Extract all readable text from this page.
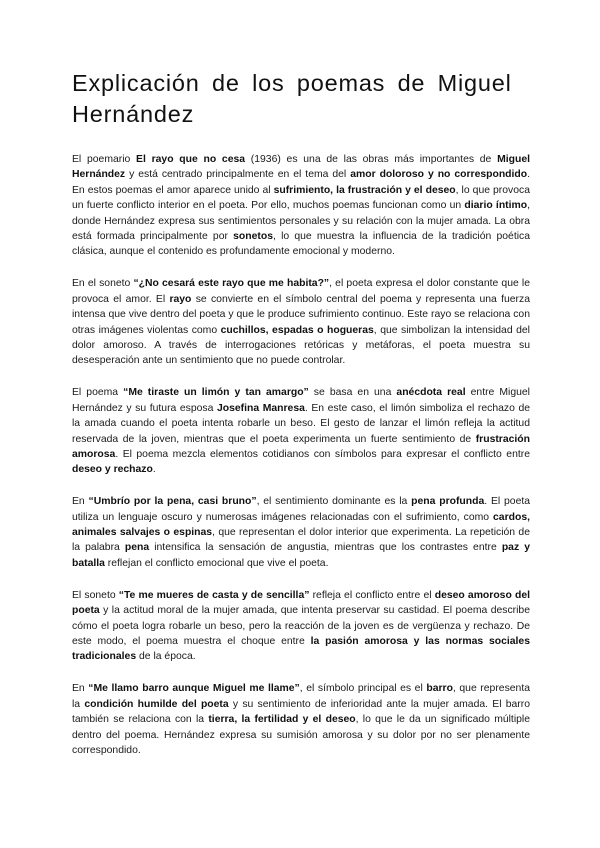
Explicación de los poemas de Miguel Hernández

El poemario El rayo que no cesa (1936) es una de las obras más importantes de Miguel Hernández y está centrado principalmente en el tema del amor doloroso y no correspondido. En estos poemas el amor aparece unido al sufrimiento, la frustración y el deseo, lo que provoca un fuerte conflicto interior en el poeta. Por ello, muchos poemas funcionan como un diario íntimo, donde Hernández expresa sus sentimientos personales y su relación con la mujer amada. La obra está formada principalmente por sonetos, lo que muestra la influencia de la tradición poética clásica, aunque el contenido es profundamente emocional y moderno.

En el soneto “¿No cesará este rayo que me habita?”, el poeta expresa el dolor constante que le provoca el amor. El rayo se convierte en el símbolo central del poema y representa una fuerza intensa que vive dentro del poeta y que le produce sufrimiento continuo. Este rayo se relaciona con otras imágenes violentas como cuchillos, espadas o hogueras, que simbolizan la intensidad del dolor amoroso. A través de interrogaciones retóricas y metáforas, el poeta muestra su desesperación ante un sentimiento que no puede controlar.

El poema “Me tiraste un limón y tan amargo” se basa en una anécdota real entre Miguel Hernández y su futura esposa Josefina Manresa. En este caso, el limón simboliza el rechazo de la amada cuando el poeta intenta robarle un beso. El gesto de lanzar el limón refleja la actitud reservada de la joven, mientras que el poeta experimenta un fuerte sentimiento de frustración amorosa. El poema mezcla elementos cotidianos con símbolos para expresar el conflicto entre deseo y rechazo.

En “Umbrío por la pena, casi bruno”, el sentimiento dominante es la pena profunda. El poeta utiliza un lenguaje oscuro y numerosas imágenes relacionadas con el sufrimiento, como cardos, animales salvajes o espinas, que representan el dolor interior que experimenta. La repetición de la palabra pena intensifica la sensación de angustia, mientras que los contrastes entre paz y batalla reflejan el conflicto emocional que vive el poeta.

El soneto “Te me mueres de casta y de sencilla” refleja el conflicto entre el deseo amoroso del poeta y la actitud moral de la mujer amada, que intenta preservar su castidad. El poema describe cómo el poeta logra robarle un beso, pero la reacción de la joven es de vergüenza y rechazo. De este modo, el poema muestra el choque entre la pasión amorosa y las normas sociales tradicionales de la época.

En “Me llamo barro aunque Miguel me llame”, el símbolo principal es el barro, que representa la condición humilde del poeta y su sentimiento de inferioridad ante la mujer amada. El barro también se relaciona con la tierra, la fertilidad y el deseo, lo que le da un significado múltiple dentro del poema. Hernández expresa su sumisión amorosa y su dolor por no ser plenamente correspondido.
